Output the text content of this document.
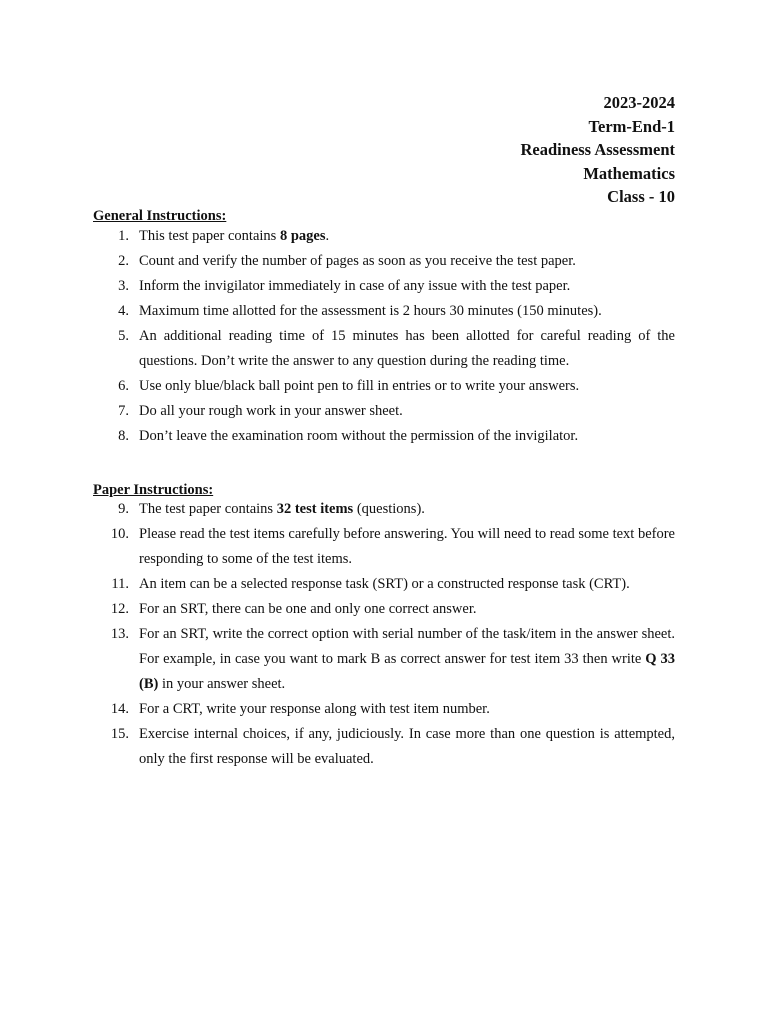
2023-2024
Term-End-1
Readiness Assessment
Mathematics
Class - 10
General Instructions:
1. This test paper contains 8 pages.
2. Count and verify the number of pages as soon as you receive the test paper.
3. Inform the invigilator immediately in case of any issue with the test paper.
4. Maximum time allotted for the assessment is 2 hours 30 minutes (150 minutes).
5. An additional reading time of 15 minutes has been allotted for careful reading of the questions. Don’t write the answer to any question during the reading time.
6. Use only blue/black ball point pen to fill in entries or to write your answers.
7. Do all your rough work in your answer sheet.
8. Don’t leave the examination room without the permission of the invigilator.
Paper Instructions:
9. The test paper contains 32 test items (questions).
10. Please read the test items carefully before answering. You will need to read some text before responding to some of the test items.
11. An item can be a selected response task (SRT) or a constructed response task (CRT).
12. For an SRT, there can be one and only one correct answer.
13. For an SRT, write the correct option with serial number of the task/item in the answer sheet. For example, in case you want to mark B as correct answer for test item 33 then write Q 33 (B) in your answer sheet.
14. For a CRT, write your response along with test item number.
15. Exercise internal choices, if any, judiciously. In case more than one question is attempted, only the first response will be evaluated.
